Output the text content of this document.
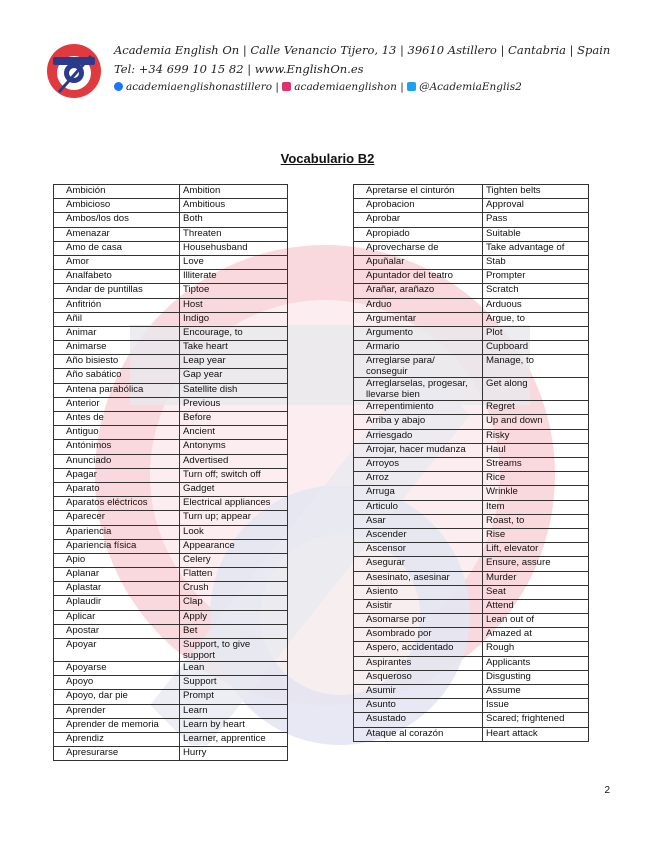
Academia English On | Calle Venancio Tijero, 13 | 39610 Astillero | Cantabria | Spain
Tel: +34 699 10 15 82 | www.EnglishOn.es
academiaenglishonastillero | academiaenglishon | @AcademiaEnglis2
Vocabulario B2
Ambición	Ambition
Ambicioso	Ambitious
Ambos/los dos	Both
Amenazar	Threaten
Amo de casa	Househusband
Amor	Love
Analfabeto	Illiterate
Andar de puntillas	Tiptoe
Anfitrión	Host
Añil	Indigo
Animar	Encourage, to
Animarse	Take heart
Año bisiesto	Leap year
Año sabático	Gap year
Antena parabólica	Satellite dish
Anterior	Previous
Antes de	Before
Antiguo	Ancient
Antónimos	Antonyms
Anunciado	Advertised
Apagar	Turn off; switch off
Aparato	Gadget
Aparatos eléctricos	Electrical appliances
Aparecer	Turn up; appear
Apariencia	Look
Apariencia física	Appearance
Apio	Celery
Aplanar	Flatten
Aplastar	Crush
Aplaudir	Clap
Aplicar	Apply
Apostar	Bet
Apoyar	Support, to give support
Apoyarse	Lean
Apoyo	Support
Apoyo, dar pie	Prompt
Aprender	Learn
Aprender de memoria	Learn by heart
Aprendiz	Learner, apprentice
Apresurarse	Hurry
Apretarse el cinturón	Tighten belts
Aprobacion	Approval
Aprobar	Pass
Apropiado	Suitable
Aprovecharse de	Take advantage of
Apuñalar	Stab
Apuntador del teatro	Prompter
Arañar, arañazo	Scratch
Arduo	Arduous
Argumentar	Argue, to
Argumento	Plot
Armario	Cupboard
Arreglarse para/ conseguir	Manage, to
Arreglarselas, progesar, llevarse bien	Get along
Arrepentimiento	Regret
Arriba y abajo	Up and down
Arriesgado	Risky
Arrojar, hacer mudanza	Haul
Arroyos	Streams
Arroz	Rice
Arruga	Wrinkle
Articulo	Item
Asar	Roast, to
Ascender	Rise
Ascensor	Lift, elevator
Asegurar	Ensure, assure
Asesinato, asesinar	Murder
Asiento	Seat
Asistir	Attend
Asomarse por	Lean out of
Asombrado por	Amazed at
Aspero, accidentado	Rough
Aspirantes	Applicants
Asqueroso	Disgusting
Asumir	Assume
Asunto	Issue
Asustado	Scared; frightened
Ataque al corazón	Heart attack
2
